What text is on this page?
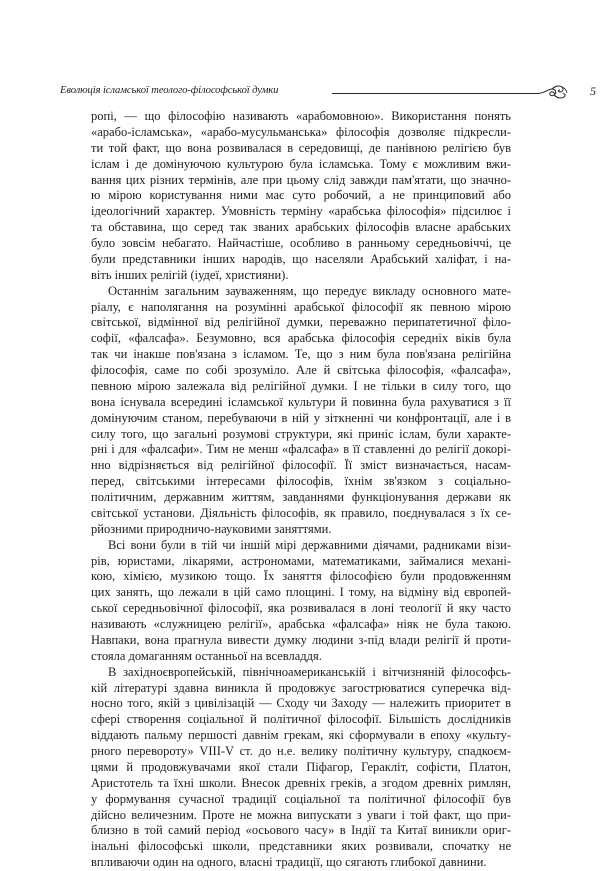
Еволюція ісламської теолого-філософської думки	5
ропі, — що філософію називають «арабомовною». Використання понять
«арабо-ісламська», «арабо-мусульманська» філософія дозволяє підкресли-
ти той факт, що вона розвивалася в середовищі, де панівною релігією був
іслам і де домінуючою культурою була ісламська. Тому є можливим вжи-
вання цих різних термінів, але при цьому слід завжди пам'ятати, що значно-
ю мірою користування ними має суто робочий, а не принциповий або
ідеологічний характер. Умовність терміну «арабська філософія» підсилює і
та обставина, що серед так званих арабських філософів власне арабських
було зовсім небагато. Найчастіше, особливо в ранньому середньовіччі, це
були представники інших народів, що населяли Арабський халіфат, і на-
віть інших релігій (іудеї, християни).
Останнім загальним зауваженням, що передує викладу основного мате-
ріалу, є наполягання на розумінні арабської філософії як певною мірою
світської, відмінної від релігійної думки, переважно перипатетичної філо-
софії, «фалсафа». Безумовно, вся арабська філософія середніх віків була
так чи інакше пов'язана з ісламом. Те, що з ним була пов'язана релігійна
філософія, саме по собі зрозуміло. Але й світська філософія, «фалсафа»,
певною мірою залежала від релігійної думки. І не тільки в силу того, що
вона існувала всередині ісламської культури й повинна була рахуватися з її
домінуючим станом, перебуваючи в ній у зіткненні чи конфронтації, але і в
силу того, що загальні розумові структури, які приніс іслам, були характе-
рні і для «фалсафи». Тим не менш «фалсафа» в її ставленні до релігії докорі-
нно відрізняється від релігійної філософії. Її зміст визначається, насам-
перед, світськими інтересами філософів, їхнім зв'язком з соціально-
політичним, державним життям, завданнями функціонування держави як
світської установи. Діяльність філософів, як правило, поєднувалася з їх се-
рйозними природничо-науковими заняттями.
Всі вони були в тій чи іншій мірі державними діячами, радниками візи-
рів, юристами, лікарями, астрономами, математиками, займалися механі-
кою, хімією, музикою тощо. Їх заняття філософією були продовженням
цих занять, що лежали в цій само площині. І тому, на відміну від європей-
ської середньовічної філософії, яка розвивалася в лоні теології й яку часто
називають «служницею релігії», арабська «фалсафа» ніяк не була такою.
Навпаки, вона прагнула вивести думку людини з-під влади релігії й проти-
стояла домаганням останньої на всевладдя.
В західноєвропейській, північноамериканській і вітчизняній філософсь-
кій літературі здавна виникла й продовжує загострюватися суперечка від-
носно того, якій з цивілізацій — Сходу чи Заходу — належить приоритет в
сфері створення соціальної й політичної філософії. Більшість дослідників
віддають пальму першості давнім грекам, які сформували в епоху «культу-
рного перевороту» VIII-V ст. до н.е. велику політичну культуру, спадкоєм-
цями й продовжувачами якої стали Піфагор, Геракліт, софісти, Платон,
Аристотель та їхні школи. Внесок древніх греків, а згодом древніх римлян,
у формування сучасної традиції соціальної та політичної філософії був
дійсно величезним. Проте не можна випускати з уваги і той факт, що при-
близно в той самий період «осьового часу» в Індії та Китаї виникли ориг-
інальні філософські школи, представники яких розвивали, спочатку не
впливаючи один на одного, власні традиції, що сягають глибокої давнини.
